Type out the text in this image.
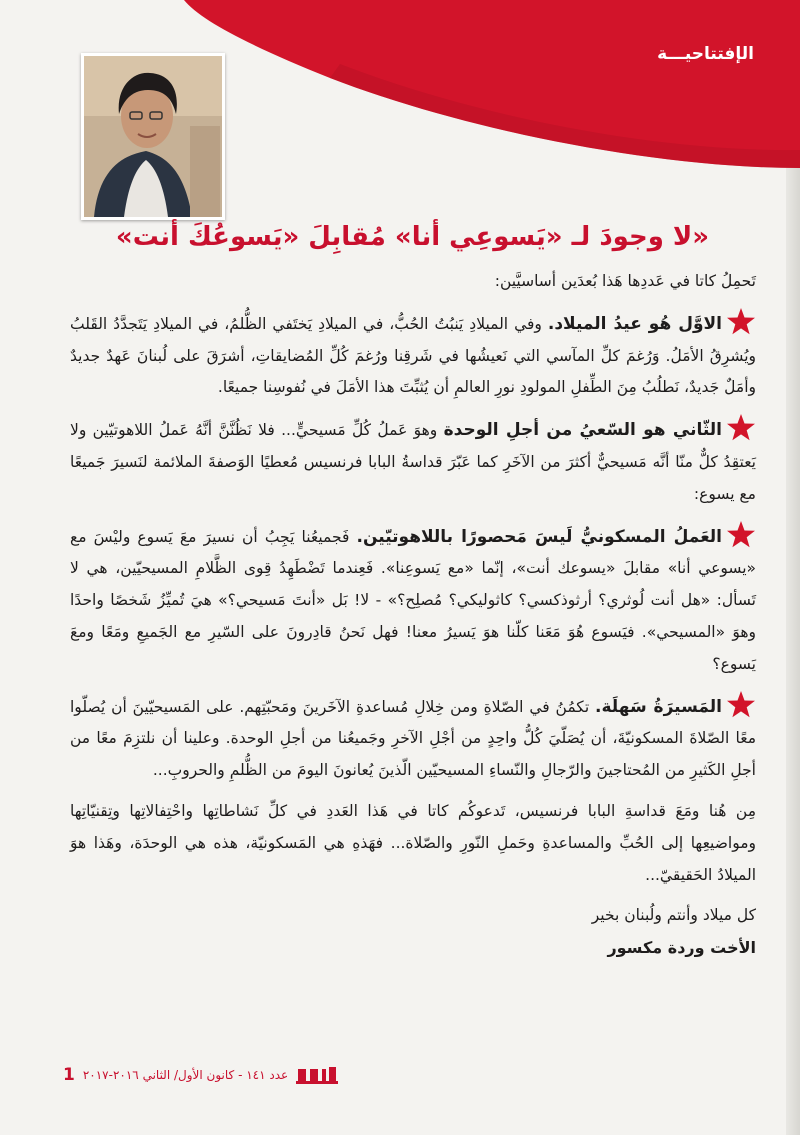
الإفتتاحيـــة
«لا وجودَ لـ «يَسوعِي أنا» مُقابِلَ «يَسوعُكَ أنت»

تَحمِلُ كاتا في عَددِها هَذا بُعدَين أساسيَّين:

الاوَّل هُو عيدُ الميلاد. وفي الميلادِ يَنبُتُ الحُبُّ، في الميلادِ يَختَفي الظُّلمُ، في الميلادِ يَتَجدَّدُ القَلبُ ويُشرِقُ الأمَلُ. وَرُغمَ كلِّ المآسي التي نَعيشُها في شَرقِنا ورُغمَ كُلِّ المُضايقاتِ، أشرَقَ على لُبنانَ عَهدٌ جديدٌ وأمَلٌ جَديدٌ، نَطلُبُ مِنَ الطِّفلِ المولودِ نورِ العالمِ أن يُثبِّتَ هذا الأمَلَ في نُفوسِنا جميعًا.

الثّاني هو السّعيُ من أجلِ الوحدة وهوَ عَملُ كُلِّ مَسيحيٍّ... فلا نَظُنَّنَّ أنَّهُ عَملُ اللاهوتيّين ولا يَعتقِدُ كلٌّ منّا أنَّه مَسيحيٌّ أكثرَ من الآخَرِ كما عَبّرَ قداسةُ البابا فرنسيس مُعطيًا الوَصفةَ الملائمة لنَسيرَ جَميعًا مع يسوع:

العَملُ المسكونيُّ لَيسَ مَحصورًا باللاهوتيّين. فَجميعُنا يَجِبُ أن نسيرَ معَ يَسوع وليْسَ مع «يسوعي أنا» مقابلَ «يسوعك أنت»، إنّما «مع يَسوعِنا». فَعِندما تَضْطَهِدُ قِوى الظَّلامِ المسيحيّين، هي لا تَسأل: «هل أنت لُوثري؟ أرثوذكسي؟ كاثوليكي؟ مُصلِح؟» - لا! بَل «أنتَ مَسيحي؟» هيَ تُميِّزُ شَخصًا واحدًا وهوَ «المسيحي». فيَسوع هُوَ مَعَنا كلّنا هوَ يَسيرُ معنا! فهل نَحنُ قادِرونَ على السّيرِ مع الجَميعِ ومَعًا ومعَ يَسوع؟

المَسيرَةُ سَهلَة. تكمُنُ في الصّلاةِ ومن خِلالِ مُساعدةِ الآخَرينَ ومَحبّتِهم. على المَسيحيّينَ أن يُصلّوا معًا الصّلاةَ المسكونيّةَ، أن يُصَلّيَ كُلُّ واحِدٍ من أجْلِ الآخرِ وجَميعُنا من أجلِ الوحدة. وعلينا أن نلتزِمَ معًا من أجلِ الكَثيرِ من المُحتاجينَ والرّجالِ والنّساءِ المسيحيّين الّذينَ يُعانونَ اليومَ من الظُّلمِ والحروبِ...

مِن هُنا ومَعَ قداسةِ البابا فرنسيس، تَدعوكُم كاتا في هَذا العَددِ في كلِّ نَشاطاتِها واحْتِفالاتِها وتِقنيّاتِها ومواضيعِها إلى الحُبِّ والمساعدةِ وحَملِ النّورِ والصّلاة... فهَذهِ هي المَسكونيّة، هذه هي الوحدَة، وهَذا هوَ الميلادُ الحَقيقيّ...

كل ميلاد وأنتم ولُبنان بخير
الأخت وردة مكسور
1 عدد ١٤١ - كانون الأول/ الثاني ٢٠١٦-٢٠١٧
